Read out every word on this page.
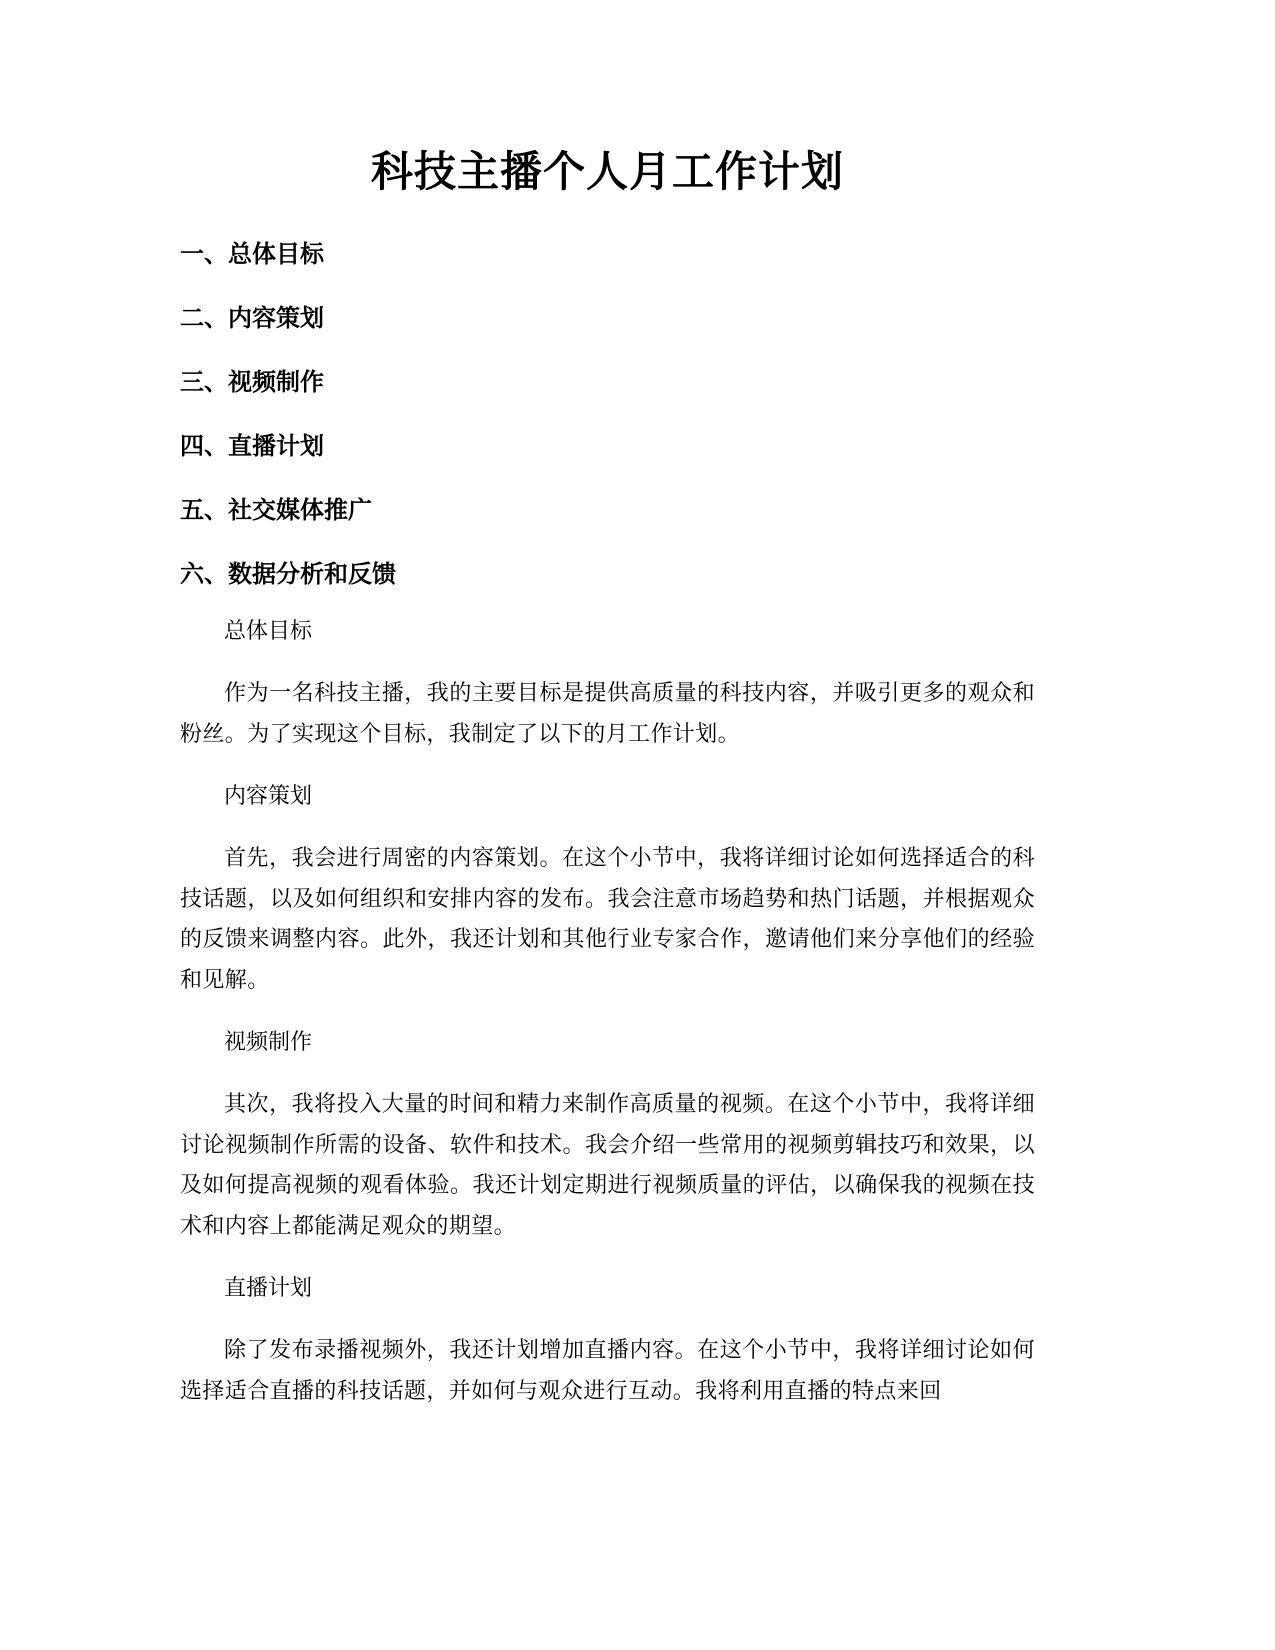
科技主播个人月工作计划
一、总体目标
二、内容策划
三、视频制作
四、直播计划
五、社交媒体推广
六、数据分析和反馈

总体目标

作为一名科技主播，我的主要目标是提供高质量的科技内容，并吸引更多的观众和粉丝。为了实现这个目标，我制定了以下的月工作计划。

内容策划

首先，我会进行周密的内容策划。在这个小节中，我将详细讨论如何选择适合的科技话题，以及如何组织和安排内容的发布。我会注意市场趋势和热门话题，并根据观众的反馈来调整内容。此外，我还计划和其他行业专家合作，邀请他们来分享他们的经验和见解。

视频制作

其次，我将投入大量的时间和精力来制作高质量的视频。在这个小节中，我将详细讨论视频制作所需的设备、软件和技术。我会介绍一些常用的视频剪辑技巧和效果，以及如何提高视频的观看体验。我还计划定期进行视频质量的评估，以确保我的视频在技术和内容上都能满足观众的期望。

直播计划

除了发布录播视频外，我还计划增加直播内容。在这个小节中，我将详细讨论如何选择适合直播的科技话题，并如何与观众进行互动。我将利用直播的特点来回
